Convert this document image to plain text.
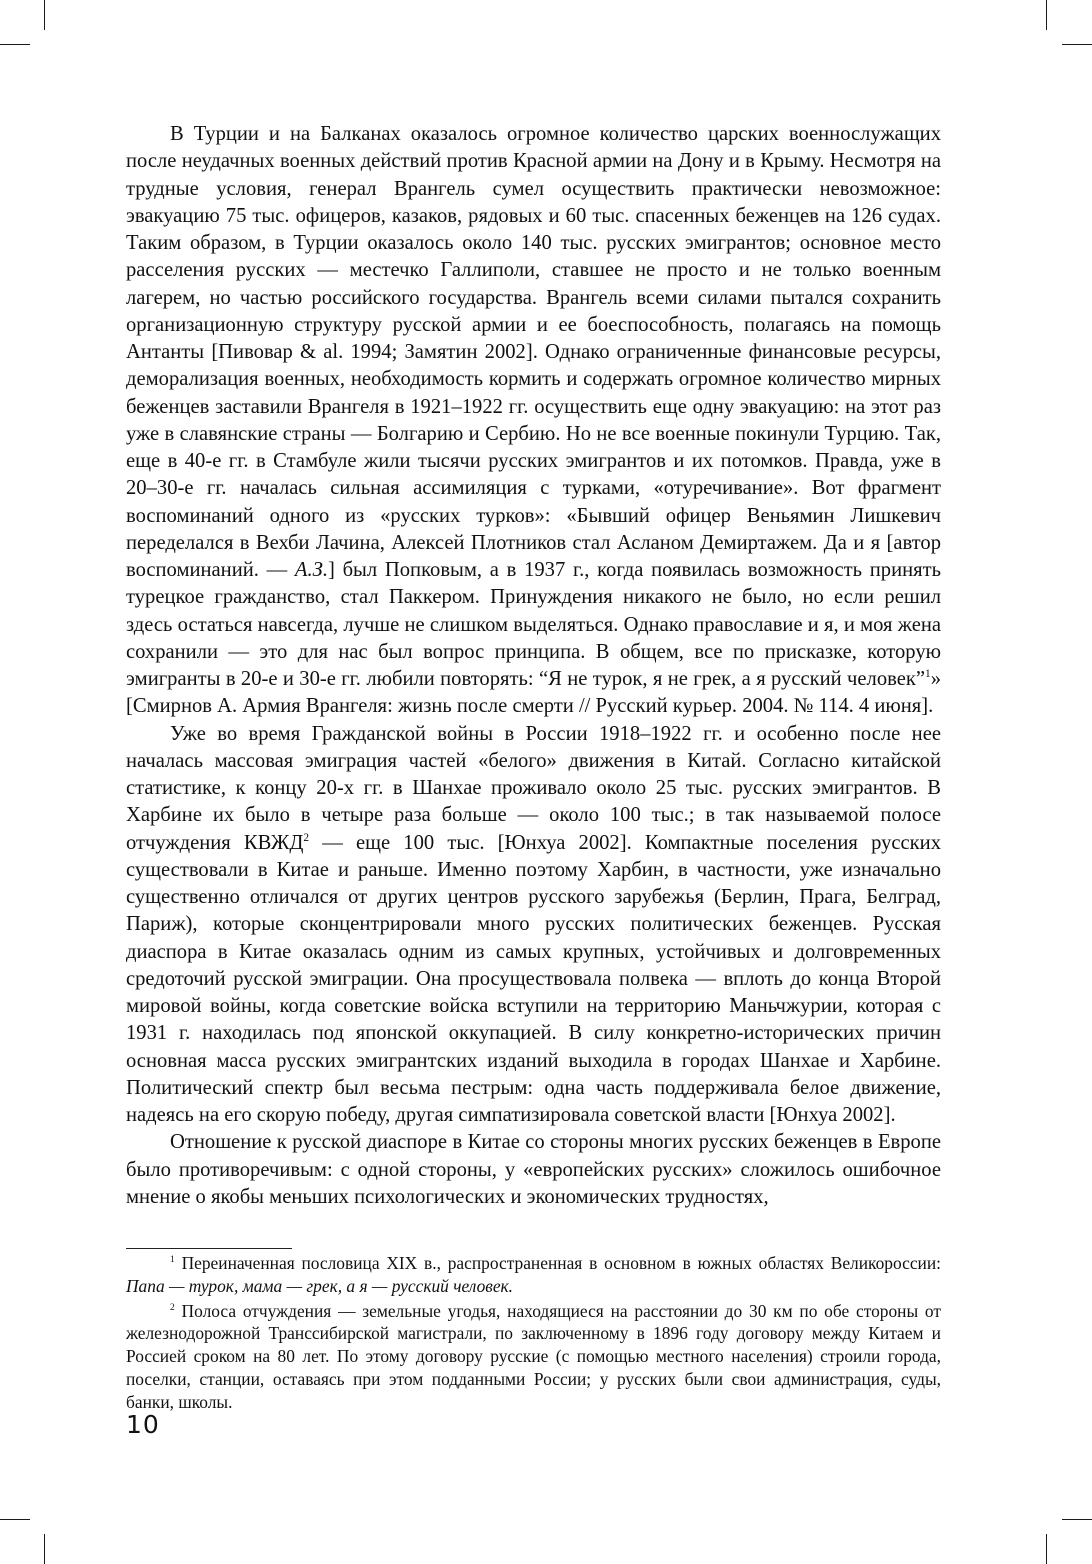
В Турции и на Балканах оказалось огромное количество царских военнослужащих после неудачных военных действий против Красной армии на Дону и в Крыму. Несмотря на трудные условия, генерал Врангель сумел осуществить практически невозможное: эвакуацию 75 тыс. офицеров, казаков, рядовых и 60 тыс. спасенных беженцев на 126 судах. Таким образом, в Турции оказалось около 140 тыс. русских эмигрантов; основное место расселения русских — местечко Галлиполи, ставшее не просто и не только военным лагерем, но частью российского государства. Врангель всеми силами пытался сохранить организационную структуру русской армии и ее боеспособность, полагаясь на помощь Антанты [Пивовар & al. 1994; Замятин 2002]. Однако ограниченные финансовые ресурсы, деморализация военных, необходимость кормить и содержать огромное количество мирных беженцев заставили Врангеля в 1921–1922 гг. осуществить еще одну эвакуацию: на этот раз уже в славянские страны — Болгарию и Сербию. Но не все военные покинули Турцию. Так, еще в 40-е гг. в Стамбуле жили тысячи русских эмигрантов и их потомков. Правда, уже в 20–30-е гг. началась сильная ассимиляция с турками, «отуречивание». Вот фрагмент воспоминаний одного из «русских турков»: «Бывший офицер Веньямин Лишкевич переделался в Вехби Лачина, Алексей Плотников стал Асланом Демиртажем. Да и я [автор воспоминаний. — А.З.] был Попковым, а в 1937 г., когда появилась возможность принять турецкое гражданство, стал Паккером. Принуждения никакого не было, но если решил здесь остаться навсегда, лучше не слишком выделяться. Однако православие и я, и моя жена сохранили — это для нас был вопрос принципа. В общем, все по присказке, которую эмигранты в 20-е и 30-е гг. любили повторять: “Я не турок, я не грек, а я русский человек”$^1$» [Смирнов А. Армия Врангеля: жизнь после смерти // Русский курьер. 2004. № 114. 4 июня].

Уже во время Гражданской войны в России 1918–1922 гг. и особенно после нее началась массовая эмиграция частей «белого» движения в Китай. Согласно китайской статистике, к концу 20-х гг. в Шанхае проживало около 25 тыс. русских эмигрантов. В Харбине их было в четыре раза больше — около 100 тыс.; в так называемой полосе отчуждения КВЖД$^2$ — еще 100 тыс. [Юнхуа 2002]. Компактные поселения русских существовали в Китае и раньше. Именно поэтому Харбин, в частности, уже изначально существенно отличался от других центров русского зарубежья (Берлин, Прага, Белград, Париж), которые сконцентрировали много русских политических беженцев. Русская диаспора в Китае оказалась одним из самых крупных, устойчивых и долговременных средоточий русской эмиграции. Она просуществовала полвека — вплоть до конца Второй мировой войны, когда советские войска вступили на территорию Маньчжурии, которая с 1931 г. находилась под японской оккупацией. В силу конкретно-исторических причин основная масса русских эмигрантских изданий выходила в городах Шанхае и Харбине. Политический спектр был весьма пестрым: одна часть поддерживала белое движение, надеясь на его скорую победу, другая симпатизировала советской власти [Юнхуа 2002].

Отношение к русской диаспоре в Китае со стороны многих русских беженцев в Европе было противоречивым: с одной стороны, у «европейских русских» сложилось ошибочное мнение о якобы меньших психологических и экономических трудностях,

$^1$ Переиначенная пословица XIX в., распространенная в основном в южных областях Великороссии: Папа — турок, мама — грек, а я — русский человек.

$^2$ Полоса отчуждения — земельные угодья, находящиеся на расстоянии до 30 км по обе стороны от железнодорожной Транссибирской магистрали, по заключенному в 1896 году договору между Китаем и Россией сроком на 80 лет. По этому договору русские (с помощью местного населения) строили города, поселки, станции, оставаясь при этом подданными России; у русских были свои администрация, суды, банки, школы.

10
